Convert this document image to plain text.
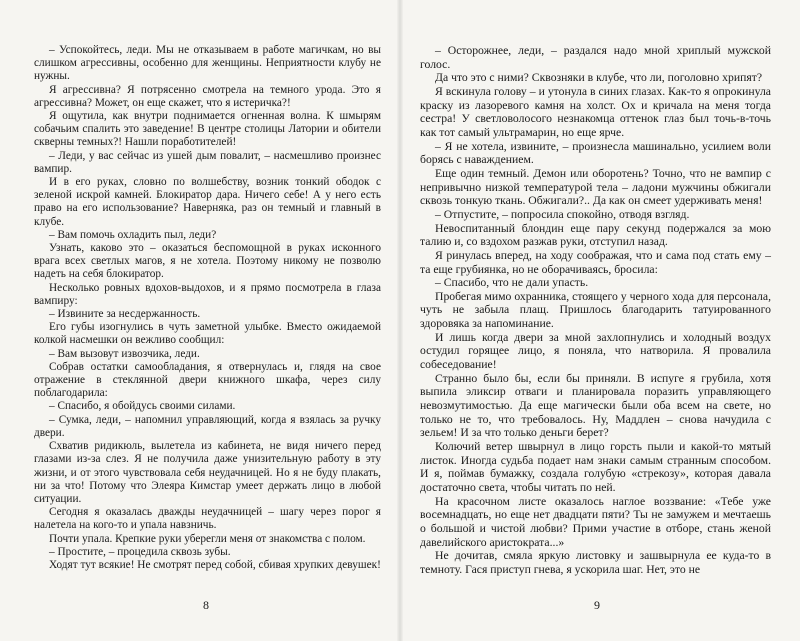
– Успокойтесь, леди. Мы не отказываем в работе магичкам, но вы слишком агрессивны, особенно для женщины. Неприятности клубу не нужны.

Я агрессивна? Я потрясенно смотрела на темного урода. Это я агрессивна? Может, он еще скажет, что я истеричка?!

Я ощутила, как внутри поднимается огненная волна. К шмырям собачьим спалить это заведение! В центре столицы Латории и обители скверны темных?! Нашли поработителей!

– Леди, у вас сейчас из ушей дым повалит, – насмешливо произнес вампир.

И в его руках, словно по волшебству, возник тонкий ободок с зеленой искрой камней. Блокиратор дара. Ничего себе! А у него есть право на его использование? Наверняка, раз он темный и главный в клубе.

– Вам помочь охладить пыл, леди?

Узнать, каково это – оказаться беспомощной в руках исконного врага всех светлых магов, я не хотела. Поэтому никому не позволю надеть на себя блокиратор.

Несколько ровных вдохов-выдохов, и я прямо посмотрела в глаза вампиру:

– Извините за несдержанность.

Его губы изогнулись в чуть заметной улыбке. Вместо ожидаемой колкой насмешки он вежливо сообщил:

– Вам вызовут извозчика, леди.

Собрав остатки самообладания, я отвернулась и, глядя на свое отражение в стеклянной двери книжного шкафа, через силу поблагодарила:

– Спасибо, я обойдусь своими силами.

– Сумка, леди, – напомнил управляющий, когда я взялась за ручку двери.

Схватив ридикюль, вылетела из кабинета, не видя ничего перед глазами из-за слез. Я не получила даже унизительную работу в эту жизни, и от этого чувствовала себя неудачницей. Но я не буду плакать, ни за что! Потому что Элеяра Кимстар умеет держать лицо в любой ситуации.

Сегодня я оказалась дважды неудачницей – шагу через порог я налетела на кого-то и упала навзничь.

Почти упала. Крепкие руки уберегли меня от знакомства с полом.

– Простите, – процедила сквозь зубы.

Ходят тут всякие! Не смотрят перед собой, сбивая хрупких девушек!

8

– Осторожнее, леди, – раздался надо мной хриплый мужской голос.

Да что это с ними? Сквозняки в клубе, что ли, поголовно хрипят?

Я вскинула голову – и утонула в синих глазах. Как-то я опрокинула краску из лазоревого камня на холст. Ох и кричала на меня тогда сестра! У светловолосого незнакомца оттенок глаз был точь-в-точь как тот самый ультрамарин, но еще ярче.

– Я не хотела, извините, – произнесла машинально, усилием воли борясь с наваждением.

Еще один темный. Демон или оборотень? Точно, что не вампир с непривычно низкой температурой тела – ладони мужчины обжигали сквозь тонкую ткань. Обжигали?.. Да как он смеет удерживать меня!

– Отпустите, – попросила спокойно, отводя взгляд.

Невоспитанный блондин еще пару секунд подержался за мою талию и, со вздохом разжав руки, отступил назад.

Я ринулась вперед, на ходу соображая, что и сама под стать ему – та еще грубиянка, но не оборачиваясь, бросила:

– Спасибо, что не дали упасть.

Пробегая мимо охранника, стоящего у черного хода для персонала, чуть не забыла плащ. Пришлось благодарить татуированного здоровяка за напоминание.

И лишь когда двери за мной захлопнулись и холодный воздух остудил горящее лицо, я поняла, что натворила. Я провалила собеседование!

Странно было бы, если бы приняли. В испуге я грубила, хотя выпила эликсир отваги и планировала поразить управляющего невозмутимостью. Да еще магически были оба всем на свете, но только не то, что требовалось. Ну, Маддлен – снова начудила с зельем! И за что только деньги берет?

Колючий ветер швырнул в лицо горсть пыли и какой-то мятый листок. Иногда судьба подает нам знаки самым странным способом. И я, поймав бумажку, создала голубую «стрекозу», которая давала достаточно света, чтобы читать по ней.

На красочном листе оказалось наглое воззвание: «Тебе уже восемнадцать, но еще нет двадцати пяти? Ты не замужем и мечтаешь о большой и чистой любви? Прими участие в отборе, стань женой давелийского аристократа...»

Не дочитав, смяла яркую листовку и зашвырнула ее куда-то в темноту. Гася приступ гнева, я ускорила шаг. Нет, это не

9
